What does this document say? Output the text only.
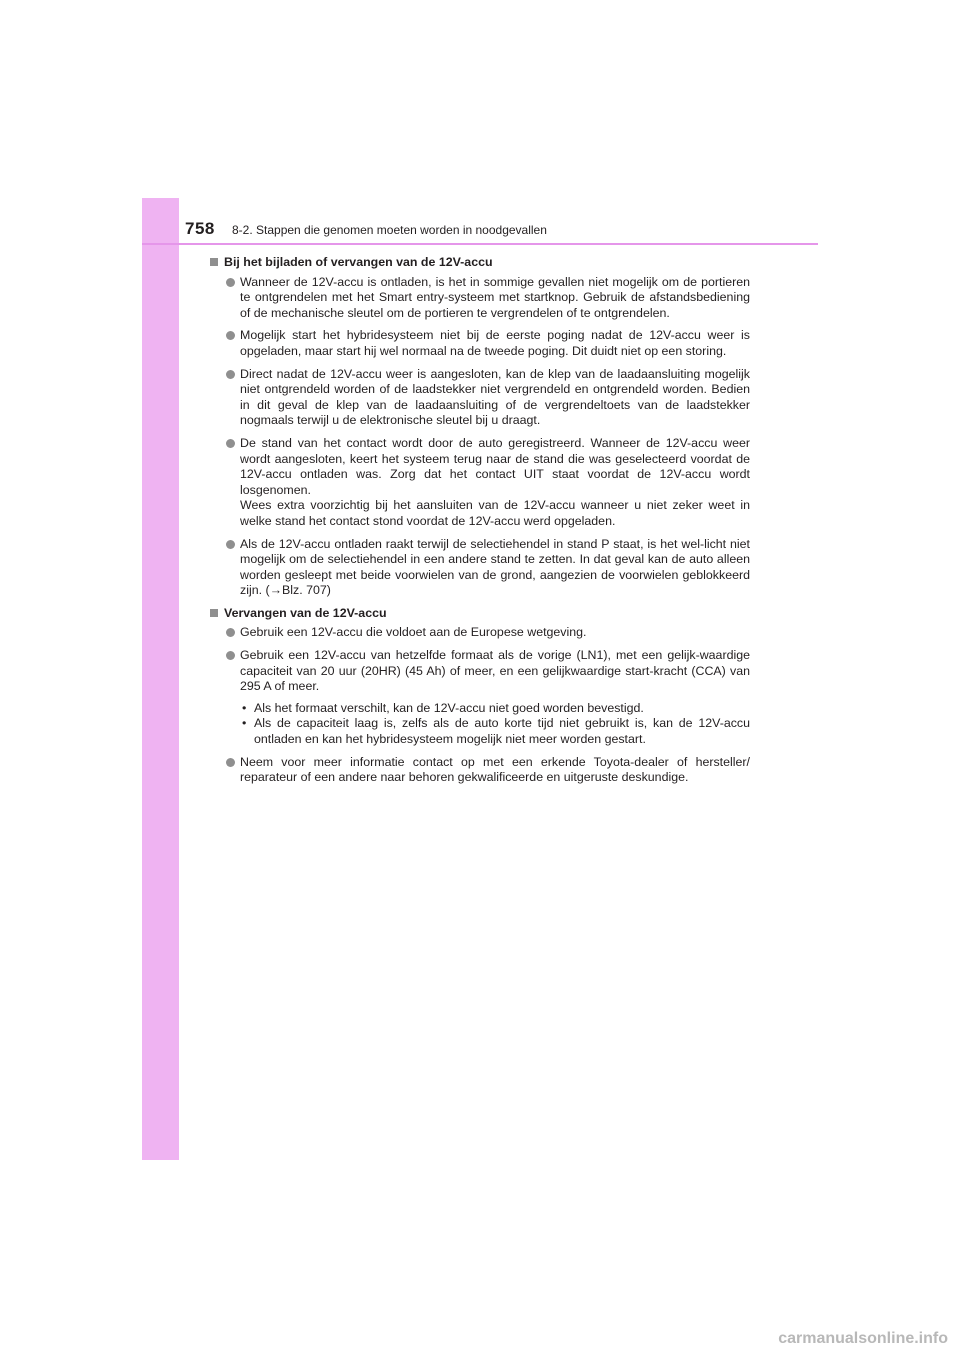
758 8-2. Stappen die genomen moeten worden in noodgevallen
Bij het bijladen of vervangen van de 12V-accu

Wanneer de 12V-accu is ontladen, is het in sommige gevallen niet mogelijk om de portieren te ontgrendelen met het Smart entry-systeem met startknop. Gebruik de afstandsbediening of de mechanische sleutel om de portieren te vergrendelen of te ontgrendelen.

Mogelijk start het hybridesysteem niet bij de eerste poging nadat de 12V-accu weer is opgeladen, maar start hij wel normaal na de tweede poging. Dit duidt niet op een storing.

Direct nadat de 12V-accu weer is aangesloten, kan de klep van de laadaansluiting mogelijk niet ontgrendeld worden of de laadstekker niet vergrendeld en ontgrendeld worden. Bedien in dit geval de klep van de laadaansluiting of de vergrendeltoets van de laadstekker nogmaals terwijl u de elektronische sleutel bij u draagt.

De stand van het contact wordt door de auto geregistreerd. Wanneer de 12V-accu weer wordt aangesloten, keert het systeem terug naar de stand die was geselecteerd voordat de 12V-accu ontladen was. Zorg dat het contact UIT staat voordat de 12V-accu wordt losgenomen.

Wees extra voorzichtig bij het aansluiten van de 12V-accu wanneer u niet zeker weet in welke stand het contact stond voordat de 12V-accu werd opgeladen.

Als de 12V-accu ontladen raakt terwijl de selectiehendel in stand P staat, is het wel-licht niet mogelijk om de selectiehendel in een andere stand te zetten. In dat geval kan de auto alleen worden gesleept met beide voorwielen van de grond, aangezien de voorwielen geblokkeerd zijn. (→Blz. 707)

Vervangen van de 12V-accu

Gebruik een 12V-accu die voldoet aan de Europese wetgeving.

Gebruik een 12V-accu van hetzelfde formaat als de vorige (LN1), met een gelijk-waardige capaciteit van 20 uur (20HR) (45 Ah) of meer, en een gelijkwaardige start-kracht (CCA) van 295 A of meer.

• Als het formaat verschilt, kan de 12V-accu niet goed worden bevestigd.
• Als de capaciteit laag is, zelfs als de auto korte tijd niet gebruikt is, kan de 12V-accu ontladen en kan het hybridesysteem mogelijk niet meer worden gestart.

Neem voor meer informatie contact op met een erkende Toyota-dealer of hersteller/ reparateur of een andere naar behoren gekwalificeerde en uitgeruste deskundige.

carmanualsonline.info
